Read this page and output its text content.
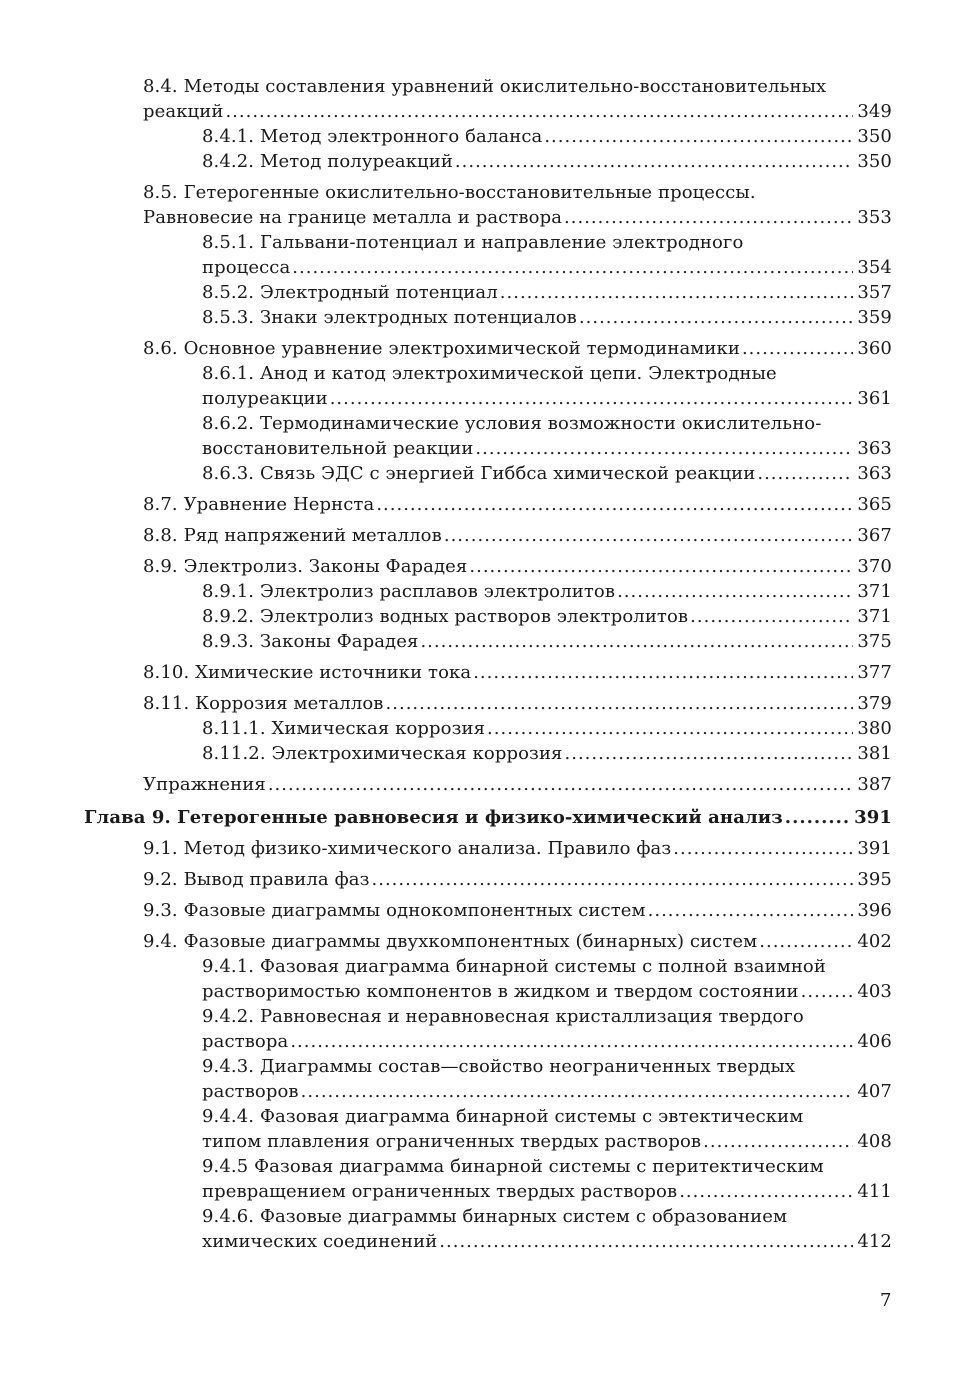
8.4. Методы составления уравнений окислительно-восстановительных
реакций .....	349
8.4.1. Метод электронного баланса .....	350
8.4.2. Метод полуреакций .....	350
8.5. Гетерогенные окислительно-восстановительные процессы.
Равновесие на границе металла и раствора .....	353
8.5.1. Гальвани-потенциал и направление электродного
процесса .....	354
8.5.2. Электродный потенциал .....	357
8.5.3. Знаки электродных потенциалов .....	359
8.6. Основное уравнение электрохимической термодинамики .....	360
8.6.1. Анод и катод электрохимической цепи. Электродные
полуреакции .....	361
8.6.2. Термодинамические условия возможности окислительно-
восстановительной реакции .....	363
8.6.3. Связь ЭДС с энергией Гиббса химической реакции .....	363
8.7. Уравнение Нернста .....	365
8.8. Ряд напряжений металлов .....	367
8.9. Электролиз. Законы Фарадея .....	370
8.9.1. Электролиз расплавов электролитов .....	371
8.9.2. Электролиз водных растворов электролитов .....	371
8.9.3. Законы Фарадея .....	375
8.10. Химические источники тока .....	377
8.11. Коррозия металлов .....	379
8.11.1. Химическая коррозия .....	380
8.11.2. Электрохимическая коррозия .....	381
Упражнения .....	387
Глава 9. Гетерогенные равновесия и физико-химический анализ .....	391
9.1. Метод физико-химического анализа. Правило фаз .....	391
9.2. Вывод правила фаз .....	395
9.3. Фазовые диаграммы однокомпонентных систем .....	396
9.4. Фазовые диаграммы двухкомпонентных (бинарных) систем .....	402
9.4.1. Фазовая диаграмма бинарной системы с полной взаимной
растворимостью компонентов в жидком и твердом состоянии .....	403
9.4.2. Равновесная и неравновесная кристаллизация твердого
раствора .....	406
9.4.3. Диаграммы состав—свойство неограниченных твердых
растворов .....	407
9.4.4. Фазовая диаграмма бинарной системы с эвтектическим
типом плавления ограниченных твердых растворов .....	408
9.4.5 Фазовая диаграмма бинарной системы с перитектическим
превращением ограниченных твердых растворов .....	411
9.4.6. Фазовые диаграммы бинарных систем с образованием
химических соединений .....	412
7
